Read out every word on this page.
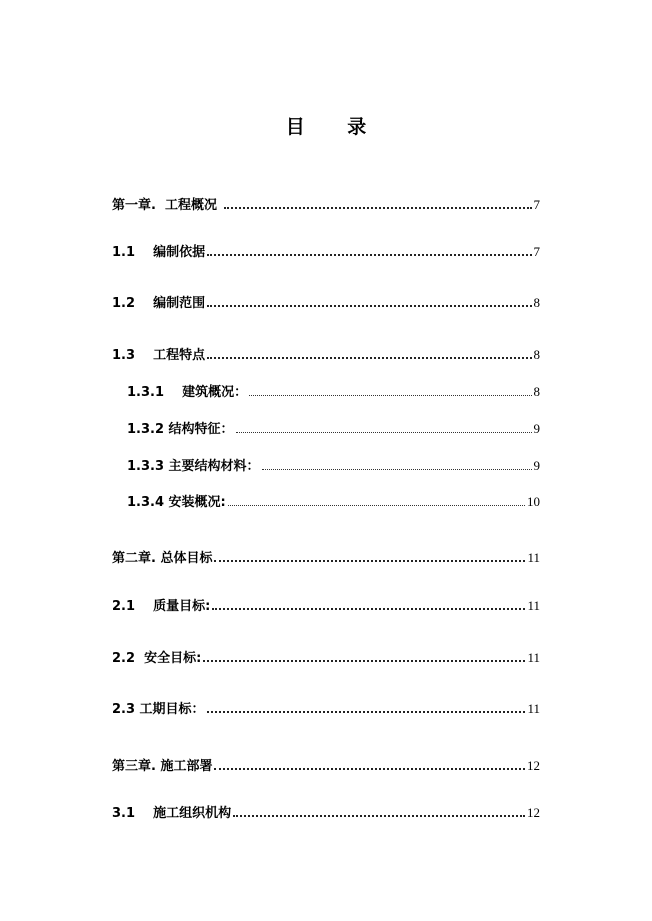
目 录
第一章.  工程概况	7
1.1    编制依据	7
1.2    编制范围	8
1.3    工程特点	8
1.3.1    建筑概况：	8
1.3.2 结构特征：	9
1.3.3 主要结构材料：	9
1.3.4 安装概况:	10
第二章. 总体目标	11
2.1    质量目标:	11
2.2  安全目标:	11
2.3 工期目标：	11
第三章. 施工部署	12
3.1    施工组织机构	12
